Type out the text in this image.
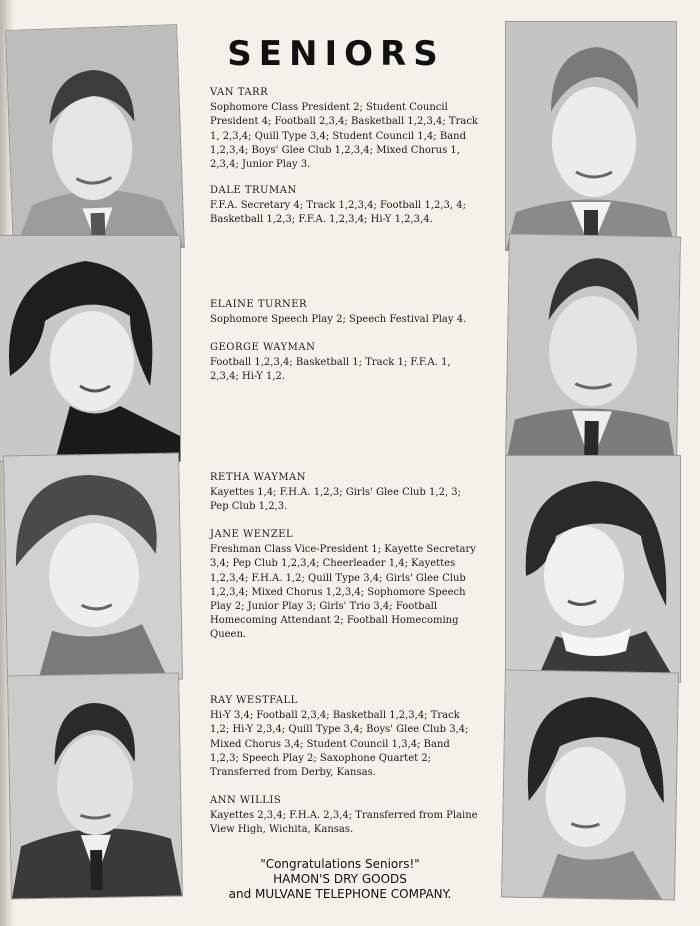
SENIORS
VAN TARR
Sophomore Class President 2; Student Council President 4; Football 2,3,4; Basketball 1,2,3,4; Track 1, 2,3,4; Quill Type 3,4; Student Council 1,4; Band 1,2,3,4; Boys' Glee Club 1,2,3,4; Mixed Chorus 1, 2,3,4; Junior Play 3.
DALE TRUMAN
F.F.A. Secretary 4; Track 1,2,3,4; Football 1,2,3, 4; Basketball 1,2,3; F.F.A. 1,2,3,4; Hi-Y 1,2,3,4.
ELAINE TURNER
Sophomore Speech Play 2; Speech Festival Play 4.
GEORGE WAYMAN
Football 1,2,3,4; Basketball 1; Track 1; F.F.A. 1, 2,3,4; Hi-Y 1,2.
RETHA WAYMAN
Kayettes 1,4; F.H.A. 1,2,3; Girls' Glee Club 1,2, 3; Pep Club 1,2,3.
JANE WENZEL
Freshman Class Vice-President 1; Kayette Secretary 3,4; Pep Club 1,2,3,4; Cheerleader 1,4; Kayettes 1,2,3,4; F.H.A. 1,2; Quill Type 3,4; Girls' Glee Club 1,2,3,4; Mixed Chorus 1,2,3,4; Sophomore Speech Play 2; Junior Play 3; Girls' Trio 3,4; Football Homecoming Attendant 2; Football Homecoming Queen.
RAY WESTFALL
Hi-Y 3,4; Football 2,3,4; Basketball 1,2,3,4; Track 1,2; Hi-Y 2,3,4; Quill Type 3,4; Boys' Glee Club 3,4; Mixed Chorus 3,4; Student Council 1,3,4; Band 1,2,3; Speech Play 2; Saxophone Quartet 2; Transferred from Derby, Kansas.
ANN WILLIS
Kayettes 2,3,4; F.H.A. 2,3,4; Transferred from Plaine View High, Wichita, Kansas.
"Congratulations Seniors!"
HAMON'S DRY GOODS
and MULVANE TELEPHONE COMPANY.
